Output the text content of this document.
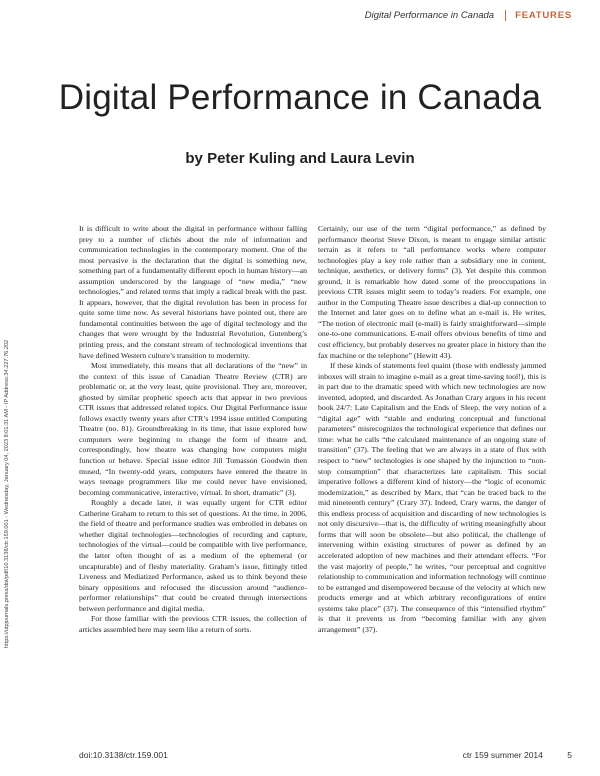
Digital Performance in Canada FEATURES
Digital Performance in Canada
by Peter Kuling and Laura Levin
https://utpjournals.press/doi/pdf/10.3138/ctr.159.001 - Wednesday, January 04, 2023 8:01:31 AM - IP Address:34.227.76.202

It is difficult to write about the digital in performance without falling prey to a number of clichés about the role of information and communication technologies in the contemporary moment. One of the most pervasive is the declaration that the digital is something new, something part of a fundamentally different epoch in human history—an assumption underscored by the language of “new media,” “new technologies,” and related terms that imply a radical break with the past. It appears, however, that the digital revolution has been in process for quite some time now. As several historians have pointed out, there are fundamental continuities between the age of digital technology and the changes that were wrought by the Industrial Revolution, Gutenberg’s printing press, and the constant stream of technological inventions that have defined Western culture’s transition to modernity.

Most immediately, this means that all declarations of the “new” in the context of this issue of Canadian Theatre Review (CTR) are problematic or, at the very least, quite provisional. They are, moreover, ghosted by similar prophetic speech acts that appear in two previous CTR issues that addressed related topics. Our Digital Performance issue follows exactly twenty years after CTR’s 1994 issue entitled Computing Theatre (no. 81). Groundbreaking in its time, that issue explored how computers were beginning to change the form of theatre and, correspondingly, how theatre was changing how computers might function or behave. Special issue editor Jill Tomasson Goodwin then mused, “In twenty-odd years, computers have entered the theatre in ways teenage programmers like me could never have envisioned, becoming communicative, interactive, virtual. In short, dramatic” (3).

Roughly a decade later, it was equally urgent for CTR editor Catherine Graham to return to this set of questions. At the time, in 2006, the field of theatre and performance studies was embroiled in debates on whether digital technologies—technologies of recording and capture, technologies of the virtual—could be compatible with live performance, the latter often thought of as a medium of the ephemeral (or uncapturable) and of fleshy materiality. Graham’s issue, fittingly titled Liveness and Mediatized Performance, asked us to think beyond these binary oppositions and refocused the discussion around “audience-performer relationships” that could be created through intersections between performance and digital media.

For those familiar with the previous CTR issues, the collection of articles assembled here may seem like a return of sorts.

Certainly, our use of the term “digital performance,” as defined by performance theorist Steve Dixon, is meant to engage similar artistic terrain as it refers to “all performance works where computer technologies play a key role rather than a subsidiary one in content, technique, aesthetics, or delivery forms” (3). Yet despite this common ground, it is remarkable how dated some of the preoccupations in previous CTR issues might seem to today’s readers. For example, one author in the Computing Theatre issue describes a dial-up connection to the Internet and later goes on to define what an e-mail is. He writes, “The notion of electronic mail (e-mail) is fairly straightforward—simple one-to-one communications. E-mail offers obvious benefits of time and cost efficiency, but probably deserves no greater place in history than the fax machine or the telephone” (Hewitt 43).

If these kinds of statements feel quaint (those with endlessly jammed inboxes will strain to imagine e-mail as a great time-saving tool!), this is in part due to the dramatic speed with which new technologies are now invented, adopted, and discarded. As Jonathan Crary argues in his recent book 24/7: Late Capitalism and the Ends of Sleep, the very notion of a “digital age” with “stable and enduring conceptual and functional parameters” misrecognizes the technological experience that defines our time: what he calls “the calculated maintenance of an ongoing state of transition” (37). The feeling that we are always in a state of flux with respect to “new” technologies is one shaped by the injunction to “non-stop consumption” that characterizes late capitalism. This social imperative follows a different kind of history—the “logic of economic modernization,” as described by Marx, that “can be traced back to the mid nineteenth century” (Crary 37). Indeed, Crary warns, the danger of this endless process of acquisition and discarding of new technologies is not only discursive—that is, the difficulty of writing meaningfully about forms that will soon be obsolete—but also political, the challenge of intervening within existing structures of power as defined by an accelerated adoption of new machines and their attendant effects. “For the vast majority of people,” he writes, “our perceptual and cognitive relationship to communication and information technology will continue to be estranged and disempowered because of the velocity at which new products emerge and at which arbitrary reconfigurations of entire systems take place” (37). The consequence of this “intensified rhythm” is that it prevents us from “becoming familiar with any given arrangement” (37).

doi:10.3138/ctr.159.001	ctr 159 summer 2014	5
